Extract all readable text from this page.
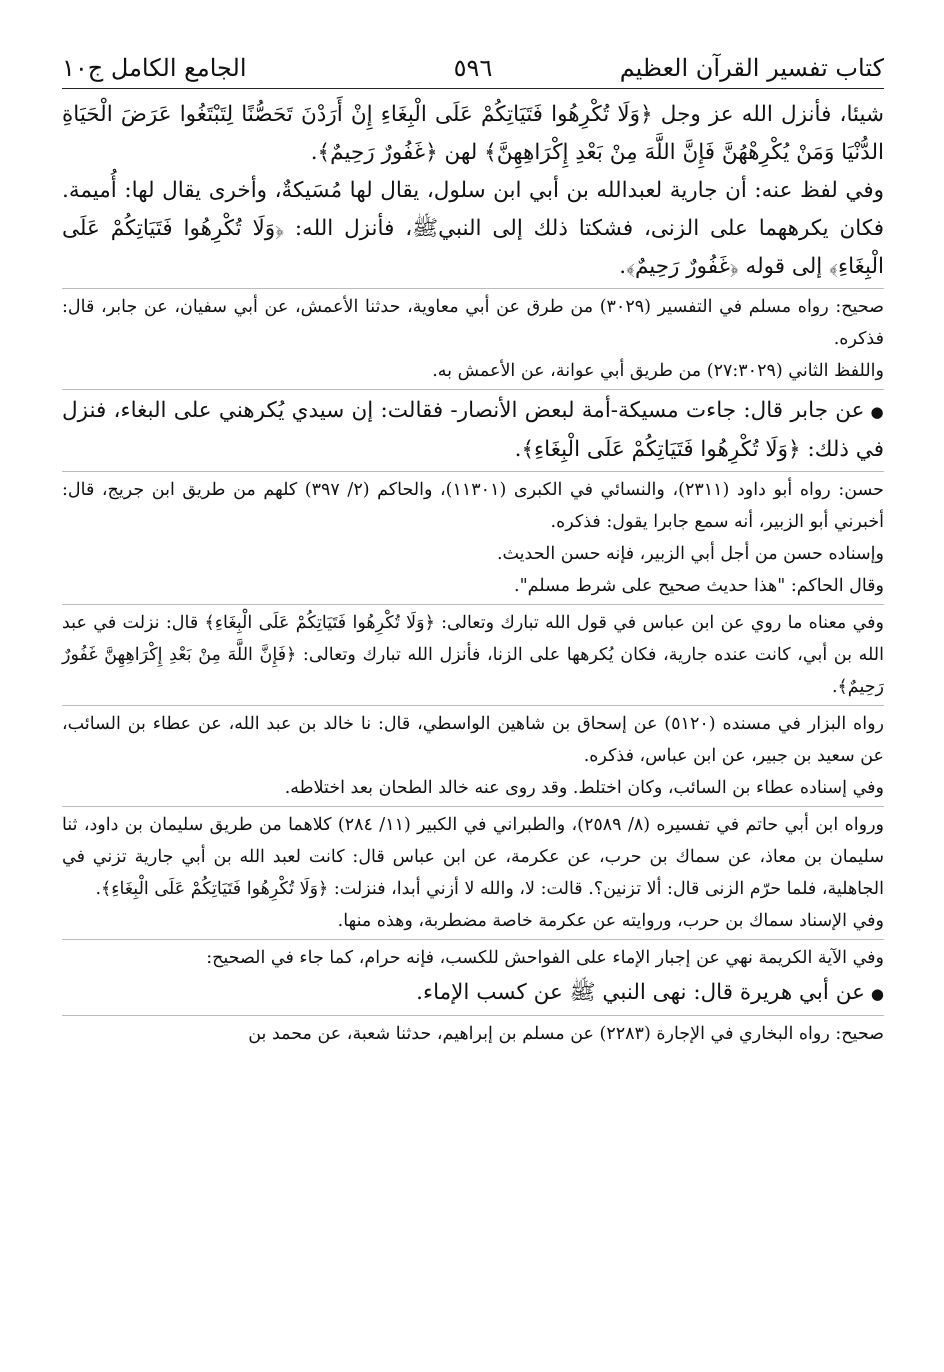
كتاب تفسير القرآن العظيم
٥٩٦
الجامع الكامل ج١٠

شيئا، فأنزل الله عز وجل ﴿وَلَا تُكْرِهُوا فَتَيَاتِكُمْ عَلَى الْبِغَاءِ إِنْ أَرَدْنَ تَحَصُّنًا لِتَبْتَغُوا عَرَضَ الْحَيَاةِ الدُّنْيَا وَمَنْ يُكْرِهْهُنَّ فَإِنَّ اللَّهَ مِنْ بَعْدِ إِكْرَاهِهِنَّ﴾ لهن ﴿غَفُورٌ رَحِيمٌ﴾.

وفي لفظ عنه: أن جارية لعبدالله بن أبي ابن سلول، يقال لها مُسَيكةٌ، وأخرى يقال لها: أُميمة. فكان يكرههما على الزنى، فشكتا ذلك إلى النبيﷺ، فأنزل الله: ﴿وَلَا تُكْرِهُوا فَتَيَاتِكُمْ عَلَى الْبِغَاءِ﴾ إلى قوله ﴿غَفُورٌ رَحِيمٌ﴾.

صحيح: رواه مسلم في التفسير (٣٠٢٩) من طرق عن أبي معاوية، حدثنا الأعمش، عن أبي سفيان، عن جابر، قال: فذكره.

واللفظ الثاني (٢٧:٣٠٢٩) من طريق أبي عوانة، عن الأعمش به.

●عن جابر قال: جاءت مسيكة-أمة لبعض الأنصار- فقالت: إن سيدي يُكرهني على البغاء، فنزل في ذلك: ﴿وَلَا تُكْرِهُوا فَتَيَاتِكُمْ عَلَى الْبِغَاءِ﴾.

حسن: رواه أبو داود (٢٣١١)، والنسائي في الكبرى (١١٣٠١)، والحاكم (٢/ ٣٩٧) كلهم من طريق ابن جريج، قال: أخبرني أبو الزبير، أنه سمع جابرا يقول: فذكره.

وإسناده حسن من أجل أبي الزبير، فإنه حسن الحديث.

وقال الحاكم: "هذا حديث صحيح على شرط مسلم".

وفي معناه ما روي عن ابن عباس في قول الله تبارك وتعالى: ﴿وَلَا تُكْرِهُوا فَتَيَاتِكُمْ عَلَى الْبِغَاءِ﴾ قال: نزلت في عبد الله بن أبي، كانت عنده جارية، فكان يُكرهها على الزنا، فأنزل الله تبارك وتعالى: ﴿فَإِنَّ اللَّهَ مِنْ بَعْدِ إِكْرَاهِهِنَّ غَفُورٌ رَحِيمٌ﴾.

رواه البزار في مسنده (٥١٢٠) عن إسحاق بن شاهين الواسطي، قال: نا خالد بن عبد الله، عن عطاء بن السائب، عن سعيد بن جبير، عن ابن عباس، فذكره.

وفي إسناده عطاء بن السائب، وكان اختلط. وقد روى عنه خالد الطحان بعد اختلاطه.

ورواه ابن أبي حاتم في تفسيره (٨/ ٢٥٨٩)، والطبراني في الكبير (١١/ ٢٨٤) كلاهما من طريق سليمان بن داود، ثنا سليمان بن معاذ، عن سماك بن حرب، عن عكرمة، عن ابن عباس قال: كانت لعبد الله بن أبي جارية تزني في الجاهلية، فلما حرّم الزنى قال: ألا تزنين؟. قالت: لا، والله لا أزني أبدا، فنزلت: ﴿وَلَا تُكْرِهُوا فَتَيَاتِكُمْ عَلَى الْبِغَاءِ﴾.

وفي الإسناد سماك بن حرب، وروايته عن عكرمة خاصة مضطربة، وهذه منها.

وفي الآية الكريمة نهي عن إجبار الإماء على الفواحش للكسب، فإنه حرام، كما جاء في الصحيح:

●عن أبي هريرة قال: نهى النبي ﷺ عن كسب الإماء.

صحيح: رواه البخاري في الإجارة (٢٢٨٣) عن مسلم بن إبراهيم، حدثنا شعبة، عن محمد بن
